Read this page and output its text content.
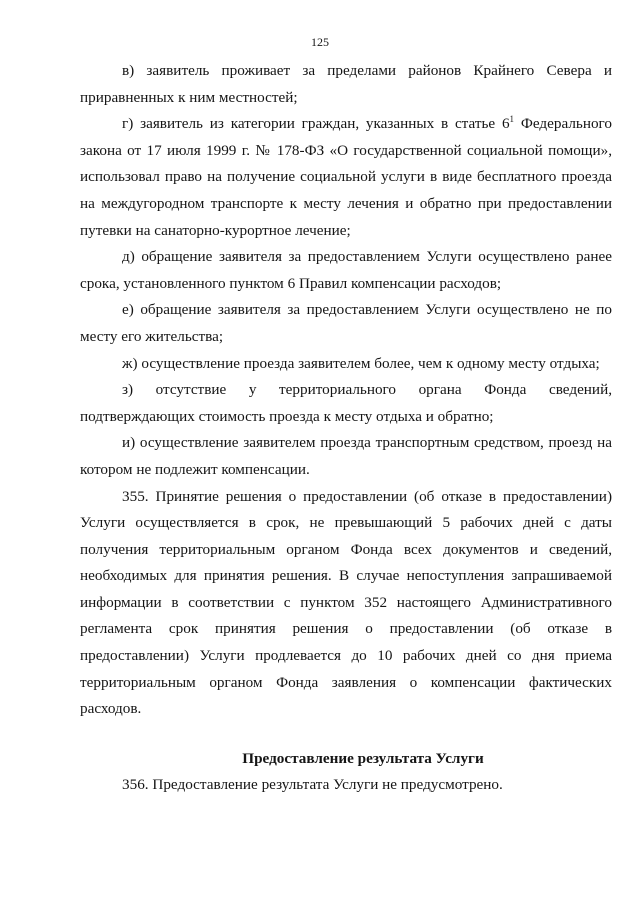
125

в) заявитель проживает за пределами районов Крайнего Севера и приравненных к ним местностей;

г) заявитель из категории граждан, указанных в статье $6^1$ Федерального закона от 17 июля 1999 г. № 178-ФЗ «О государственной социальной помощи», использовал право на получение социальной услуги в виде бесплатного проезда на междугородном транспорте к месту лечения и обратно при предоставлении путевки на санаторно-курортное лечение;

д) обращение заявителя за предоставлением Услуги осуществлено ранее срока, установленного пунктом 6 Правил компенсации расходов;

е) обращение заявителя за предоставлением Услуги осуществлено не по месту его жительства;

ж) осуществление проезда заявителем более, чем к одному месту отдыха;

з) отсутствие у территориального органа Фонда сведений, подтверждающих стоимость проезда к месту отдыха и обратно;

и) осуществление заявителем проезда транспортным средством, проезд на котором не подлежит компенсации.

355. Принятие решения о предоставлении (об отказе в предоставлении) Услуги осуществляется в срок, не превышающий 5 рабочих дней с даты получения территориальным органом Фонда всех документов и сведений, необходимых для принятия решения. В случае непоступления запрашиваемой информации в соответствии с пунктом 352 настоящего Административного регламента срок принятия решения о предоставлении (об отказе в предоставлении) Услуги продлевается до 10 рабочих дней со дня приема территориальным органом Фонда заявления о компенсации фактических расходов.

Предоставление результата Услуги

356. Предоставление результата Услуги не предусмотрено.
